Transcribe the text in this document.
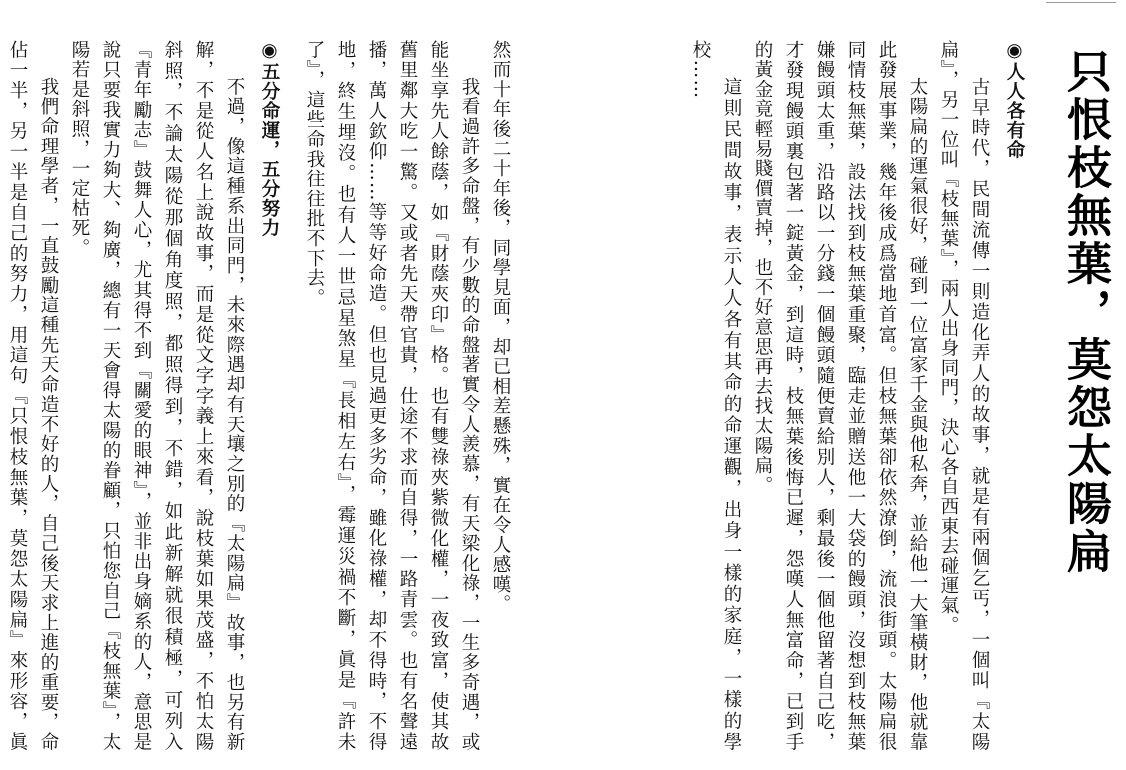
只恨枝無葉，莫怨太陽扁
◉人人各有命

古早時代，民間流傳一則造化弄人的故事，就是有兩個乞丐，一個叫『太陽扁』，另一位叫『枝無葉』，兩人出身同門，決心各自西東去碰運氣。

太陽扁的運氣很好，碰到一位富家千金與他私奔，並給他一大筆橫財，他就靠此發展事業，幾年後成爲當地首富。但枝無葉卻依然潦倒，流浪街頭。太陽扁很同情枝無葉，設法找到枝無葉重聚，臨走並贈送他一大袋的饅頭，沒想到枝無葉嫌饅頭太重，沿路以一分錢一個饅頭隨便賣給別人，剩最後一個他留著自己吃，才發現饅頭裏包著一錠黃金，到這時，枝無葉後悔已遲，怨嘆人無富命，已到手的黃金竟輕易賤價賣掉，也不好意思再去找太陽扁。

這則民間故事，表示人人各有其命的命運觀，出身一樣的家庭，一樣的學校……

然而十年後二十年後，同學見面，却已相差懸殊，實在令人感嘆。

我看過許多命盤，有少數的命盤著實令人羨慕，有天梁化祿，一生多奇遇，或能坐享先人餘蔭，如『財蔭夾印』格。也有雙祿夾紫微化權，一夜致富，使其故舊里鄰大吃一驚。又或者先天帶官貴，仕途不求而自得，一路青雲。也有名聲遠播，萬人欽仰……等等好命造。但也見過更多劣命，雖化祿權，却不得時，不得地，終生埋沒。也有人一世忌星煞星『長相左右』，霉運災禍不斷，眞是『許未了』，這些命我往往批不下去。

◉五分命運，五分努力

不過，像這種系出同門，未來際遇却有天壤之別的『太陽扁』故事，也另有新解，不是從人名上說故事，而是從文字字義上來看，說枝葉如果茂盛，不怕太陽斜照，不論太陽從那個角度照，都照得到，不錯，如此新解就很積極，可列入『青年勵志』鼓舞人心，尤其得不到『關愛的眼神』，並非出身嫡系的人，意思是說只要我實力夠大、夠廣，總有一天會得太陽的眷顧，只怕您自己『枝無葉』，太陽若是斜照，一定枯死。

我們命理學者，一直鼓勵這種先天命造不好的人，自己後天求上進的重要，命佔一半，另一半是自己的努力，用這句『只恨枝無葉，莫怨太陽扁』來形容，眞
